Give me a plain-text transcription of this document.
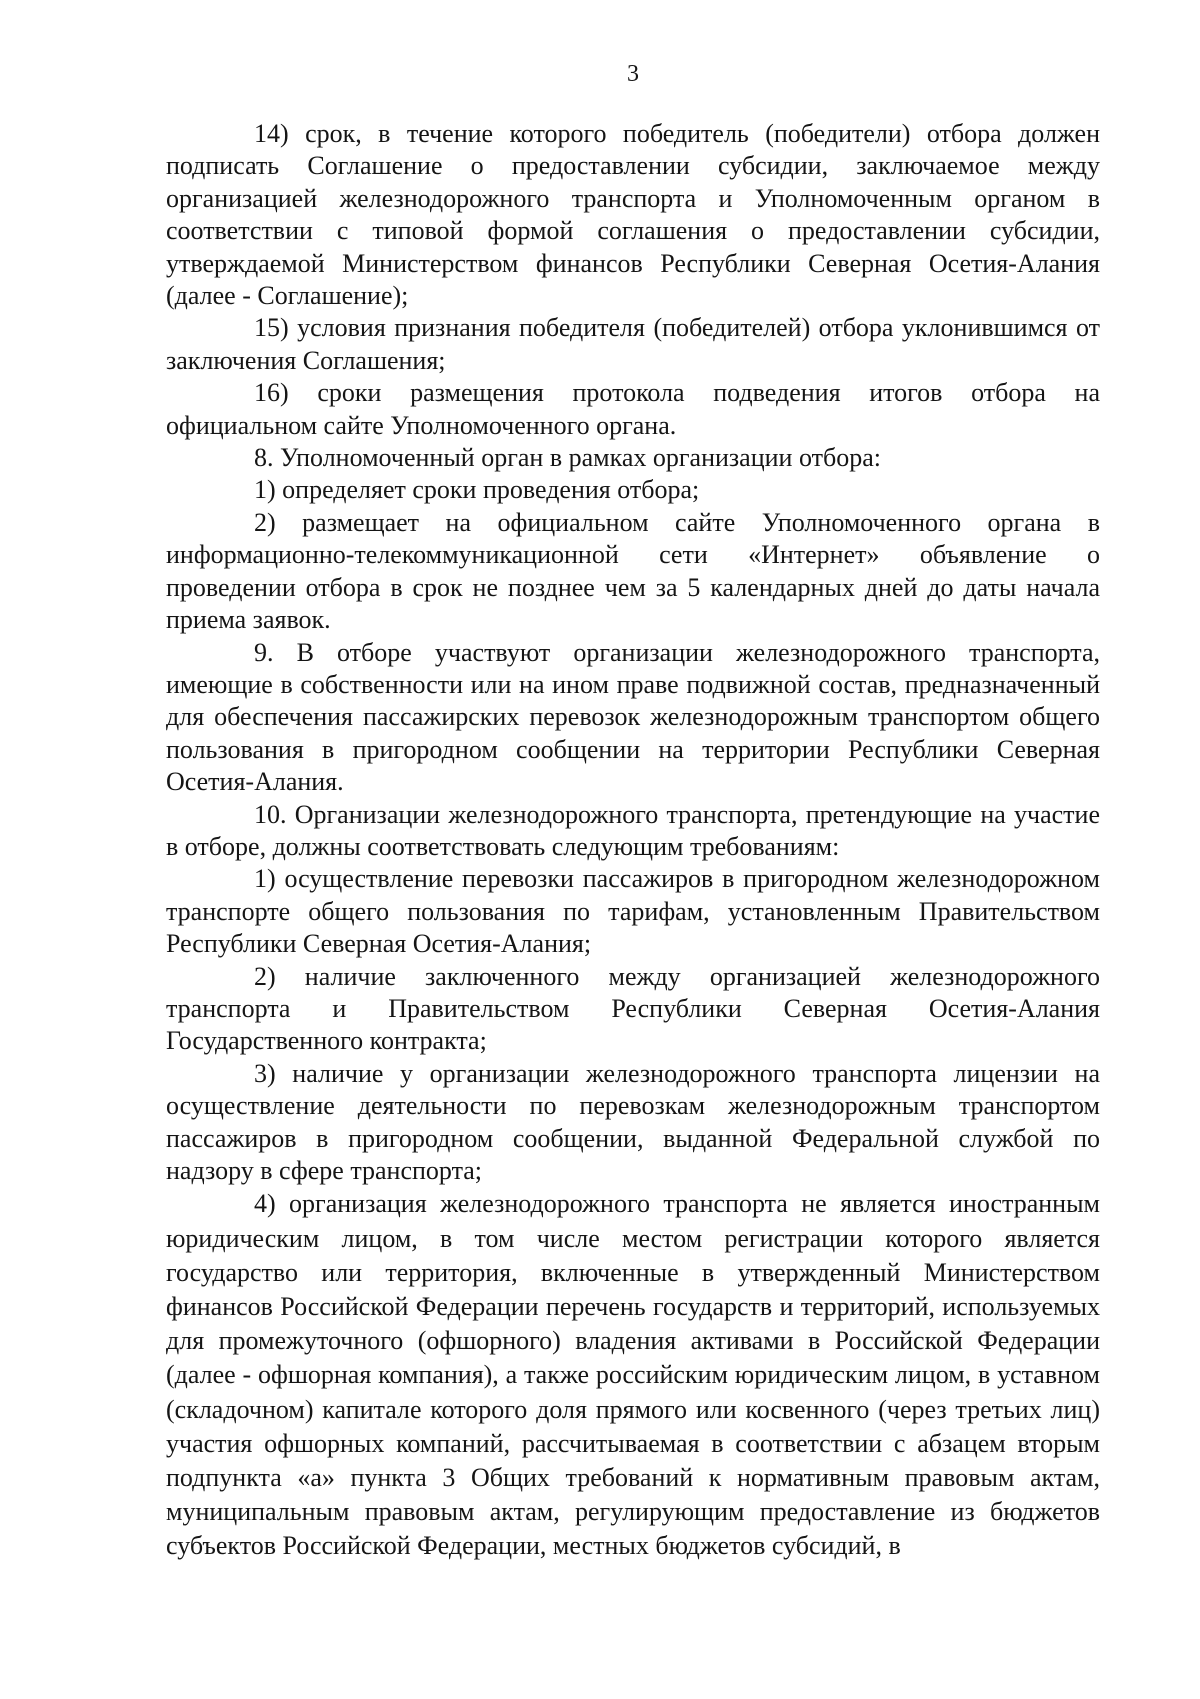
3

14) срок, в течение которого победитель (победители) отбора должен подписать Соглашение о предоставлении субсидии, заключаемое между организацией железнодорожного транспорта и Уполномоченным органом в соответствии с типовой формой соглашения о предоставлении субсидии, утверждаемой Министерством финансов Республики Северная Осетия-Алания (далее - Соглашение);

15) условия признания победителя (победителей) отбора уклонившимся от заключения Соглашения;

16) сроки размещения протокола подведения итогов отбора на официальном сайте Уполномоченного органа.

8. Уполномоченный орган в рамках организации отбора:

1) определяет сроки проведения отбора;

2) размещает на официальном сайте Уполномоченного органа в информационно-телекоммуникационной сети «Интернет» объявление о проведении отбора в срок не позднее чем за 5 календарных дней до даты начала приема заявок.

9. В отборе участвуют организации железнодорожного транспорта, имеющие в собственности или на ином праве подвижной состав, предназначенный для обеспечения пассажирских перевозок железнодорожным транспортом общего пользования в пригородном сообщении на территории Республики Северная Осетия-Алания.

10. Организации железнодорожного транспорта, претендующие на участие в отборе, должны соответствовать следующим требованиям:

1) осуществление перевозки пассажиров в пригородном железнодорожном транспорте общего пользования по тарифам, установленным Правительством Республики Северная Осетия-Алания;

2) наличие заключенного между организацией железнодорожного транспорта и Правительством Республики Северная Осетия-Алания Государственного контракта;

3) наличие у организации железнодорожного транспорта лицензии на осуществление деятельности по перевозкам железнодорожным транспортом пассажиров в пригородном сообщении, выданной Федеральной службой по надзору в сфере транспорта;

4) организация железнодорожного транспорта не является иностранным юридическим лицом, в том числе местом регистрации которого является государство или территория, включенные в утвержденный Министерством финансов Российской Федерации перечень государств и территорий, используемых для промежуточного (офшорного) владения активами в Российской Федерации (далее - офшорная компания), а также российским юридическим лицом, в уставном (складочном) капитале которого доля прямого или косвенного (через третьих лиц) участия офшорных компаний, рассчитываемая в соответствии с абзацем вторым подпункта «а» пункта 3 Общих требований к нормативным правовым актам, муниципальным правовым актам, регулирующим предоставление из бюджетов субъектов Российской Федерации, местных бюджетов субсидий, в
